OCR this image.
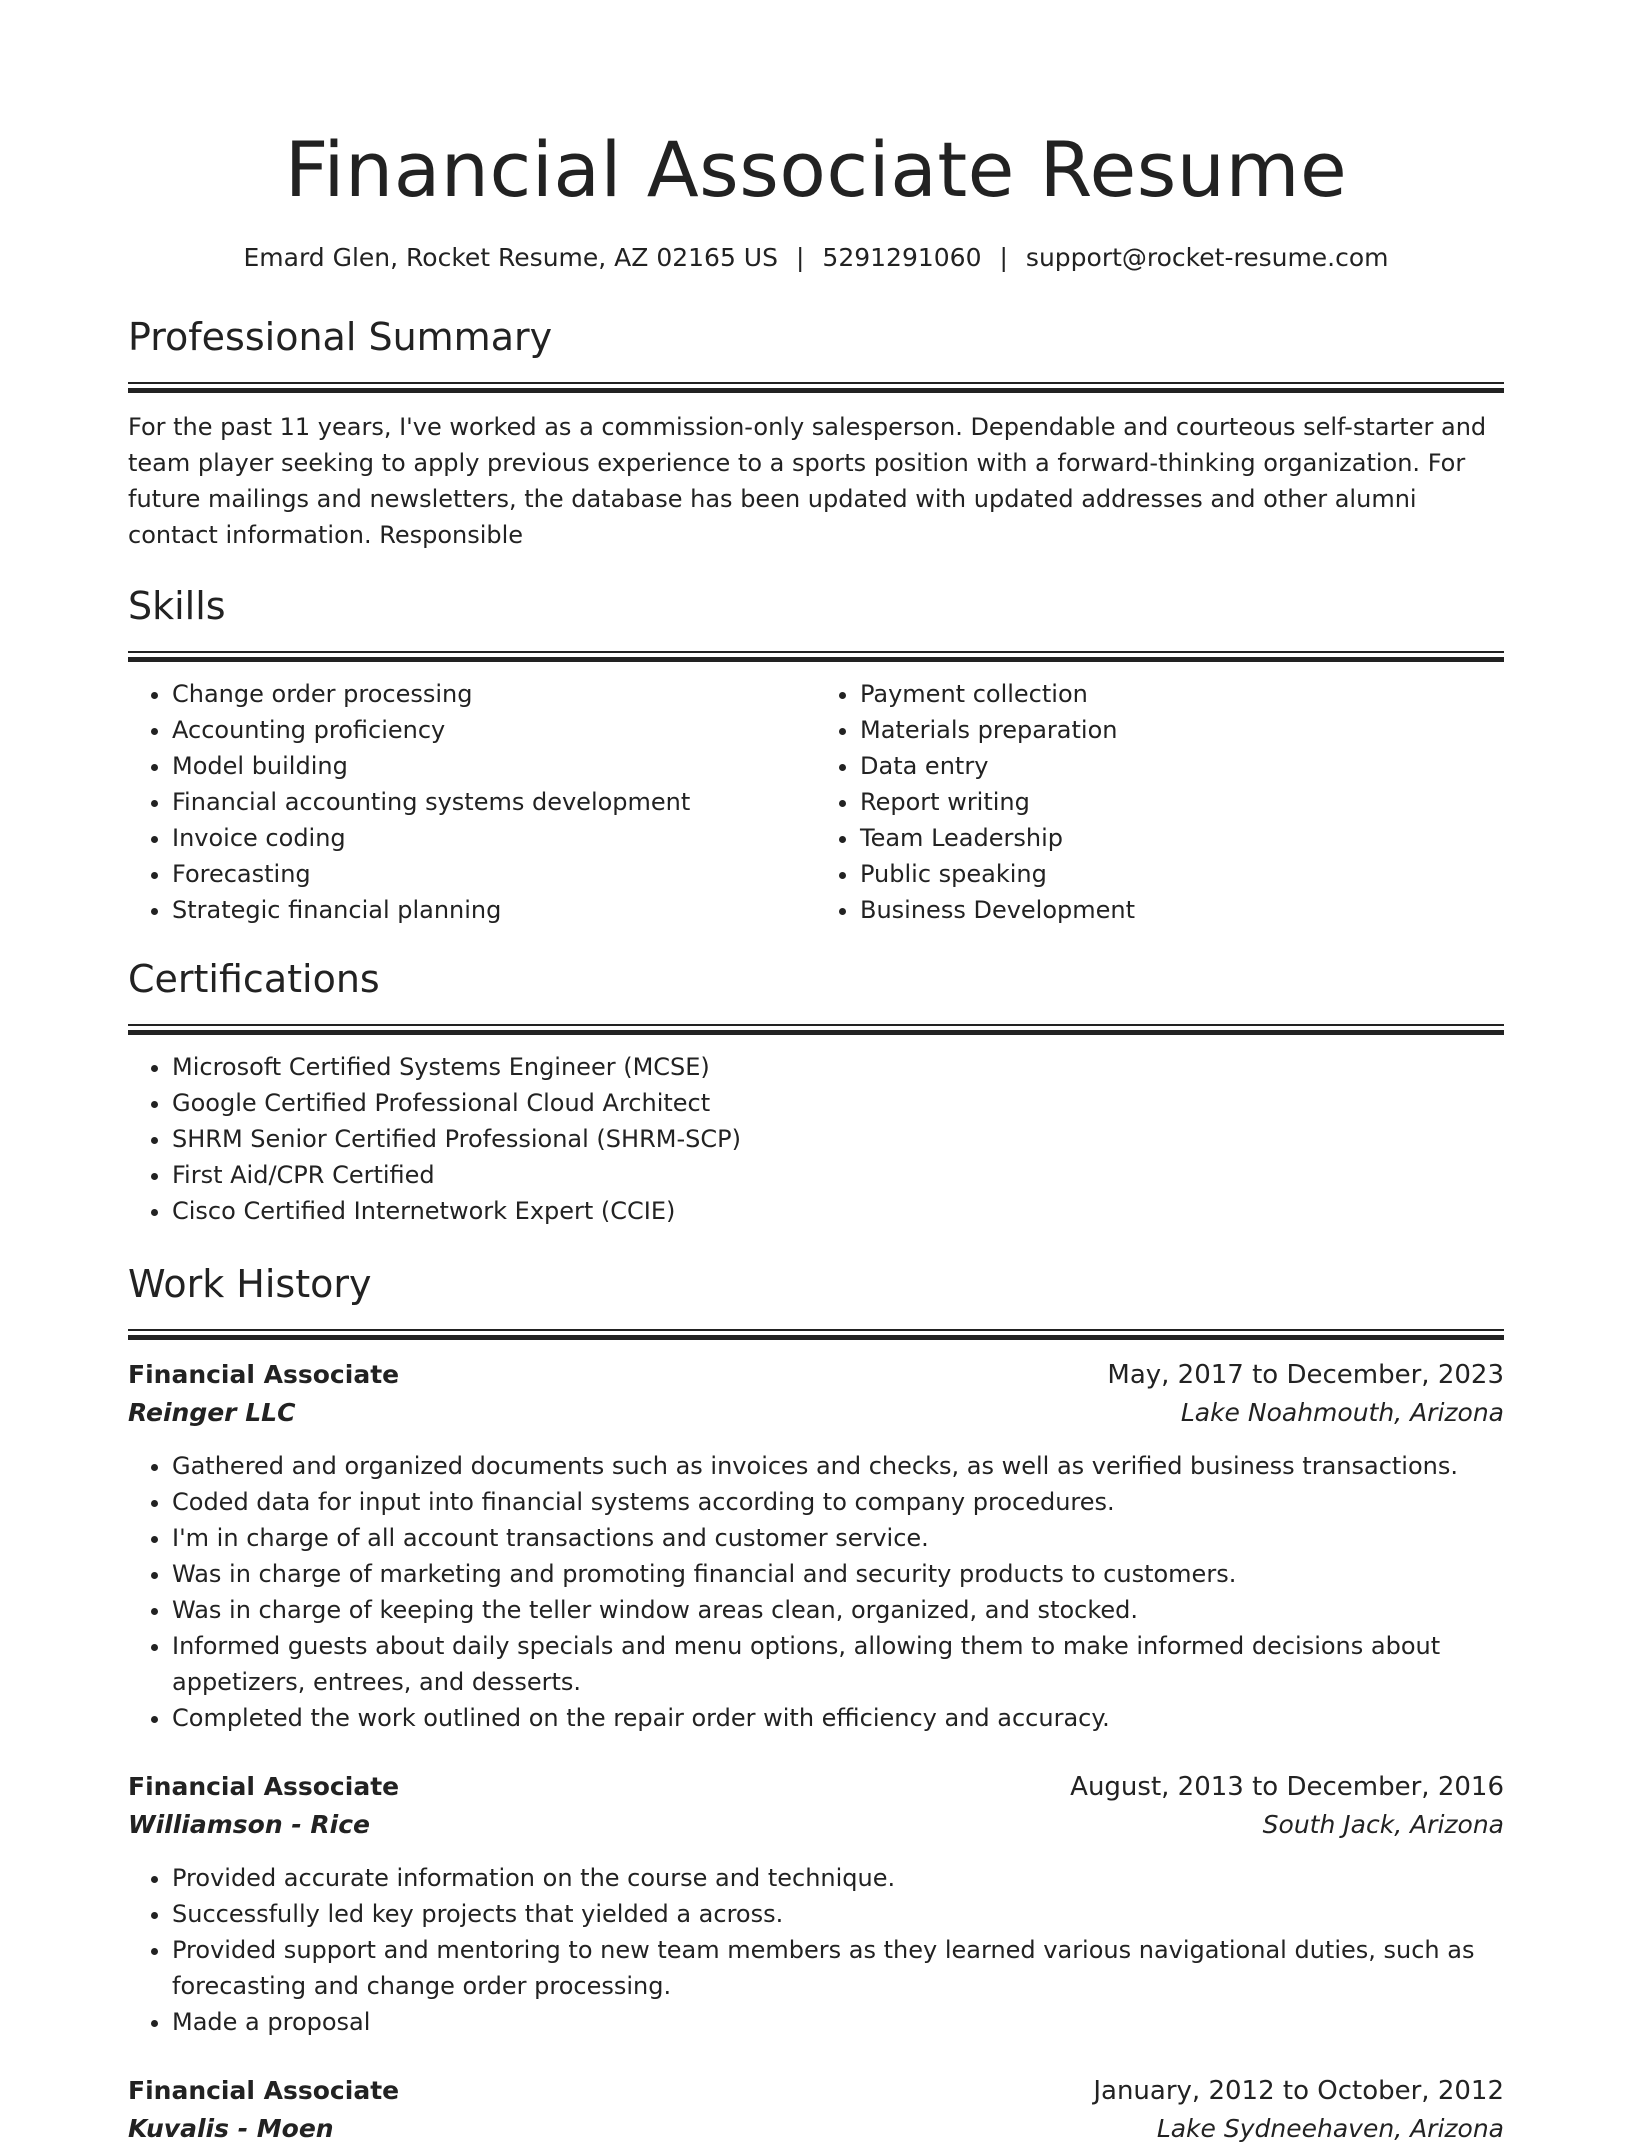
Financial Associate Resume
Emard Glen, Rocket Resume, AZ 02165 US | 5291291060 | support@rocket-resume.com
Professional Summary
For the past 11 years, I've worked as a commission-only salesperson. Dependable and courteous self-starter and team player seeking to apply previous experience to a sports position with a forward-thinking organization. For future mailings and newsletters, the database has been updated with updated addresses and other alumni contact information. Responsible
Skills
• Change order processing
• Accounting proficiency
• Model building
• Financial accounting systems development
• Invoice coding
• Forecasting
• Strategic financial planning
• Payment collection
• Materials preparation
• Data entry
• Report writing
• Team Leadership
• Public speaking
• Business Development
Certifications
• Microsoft Certified Systems Engineer (MCSE)
• Google Certified Professional Cloud Architect
• SHRM Senior Certified Professional (SHRM-SCP)
• First Aid/CPR Certified
• Cisco Certified Internetwork Expert (CCIE)
Work History
Financial Associate	May, 2017 to December, 2023
Reinger LLC	Lake Noahmouth, Arizona
• Gathered and organized documents such as invoices and checks, as well as verified business transactions.
• Coded data for input into financial systems according to company procedures.
• I'm in charge of all account transactions and customer service.
• Was in charge of marketing and promoting financial and security products to customers.
• Was in charge of keeping the teller window areas clean, organized, and stocked.
• Informed guests about daily specials and menu options, allowing them to make informed decisions about appetizers, entrees, and desserts.
• Completed the work outlined on the repair order with efficiency and accuracy.
Financial Associate	August, 2013 to December, 2016
Williamson - Rice	South Jack, Arizona
• Provided accurate information on the course and technique.
• Successfully led key projects that yielded a across.
• Provided support and mentoring to new team members as they learned various navigational duties, such as forecasting and change order processing.
• Made a proposal
Financial Associate	January, 2012 to October, 2012
Kuvalis - Moen	Lake Sydneehaven, Arizona
